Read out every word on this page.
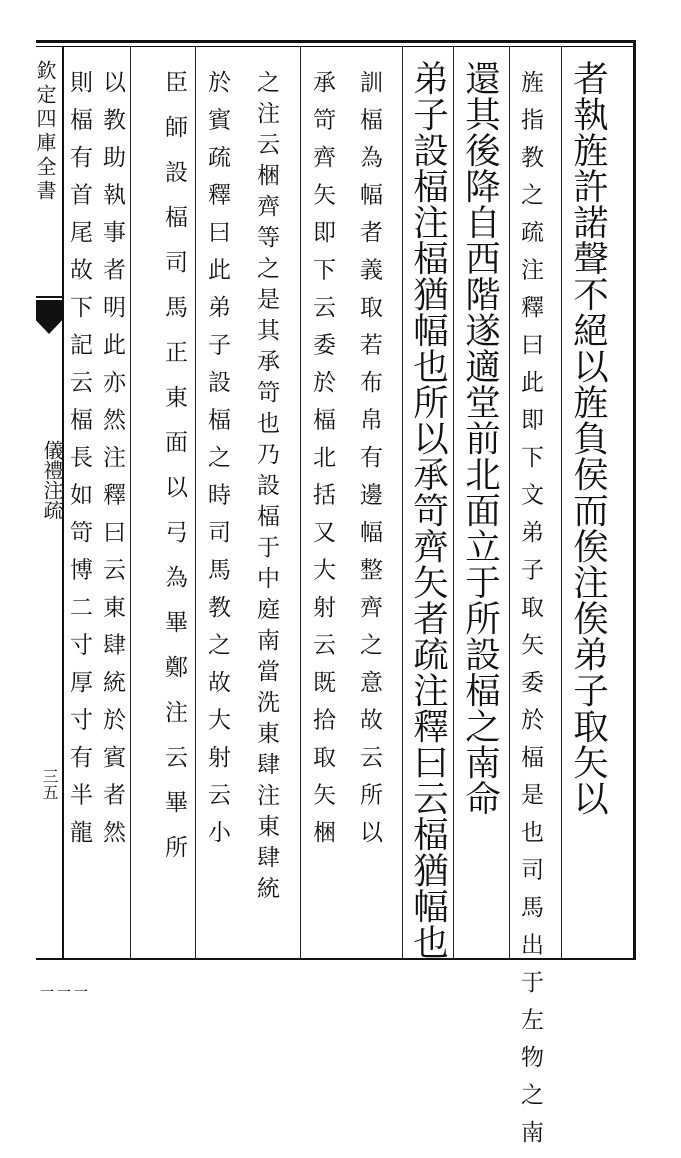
欽定四庫全書
儀禮注疏
三五
一一一
者執旌許諾聲不絕以旌負侯而俟注俟弟子取矢以
旌指教之疏注釋曰此即下文弟子取矢委於楅是也司馬出于左物之南
還其後降自西階遂適堂前北面立于所設楅之南命
弟子設楅注楅猶幅也所以承笴齊矢者疏注釋曰云楅猶幅也
訓楅為幅者義取若布帛有邊幅整齊之意故云所以
承笴齊矢即下云委於楅北括又大射云既拾取矢梱
之注云梱齊等之是其承笴也乃設楅于中庭南當洗東肆注東肆統
於賓疏釋曰此弟子設楅之時司馬教之故大射云小
臣師設楅司馬正東面以弓為畢鄭注云畢所
以教助執事者明此亦然注釋曰云東肆統於賓者然
則楅有首尾故下記云楅長如笴博二寸厚寸有半龍
